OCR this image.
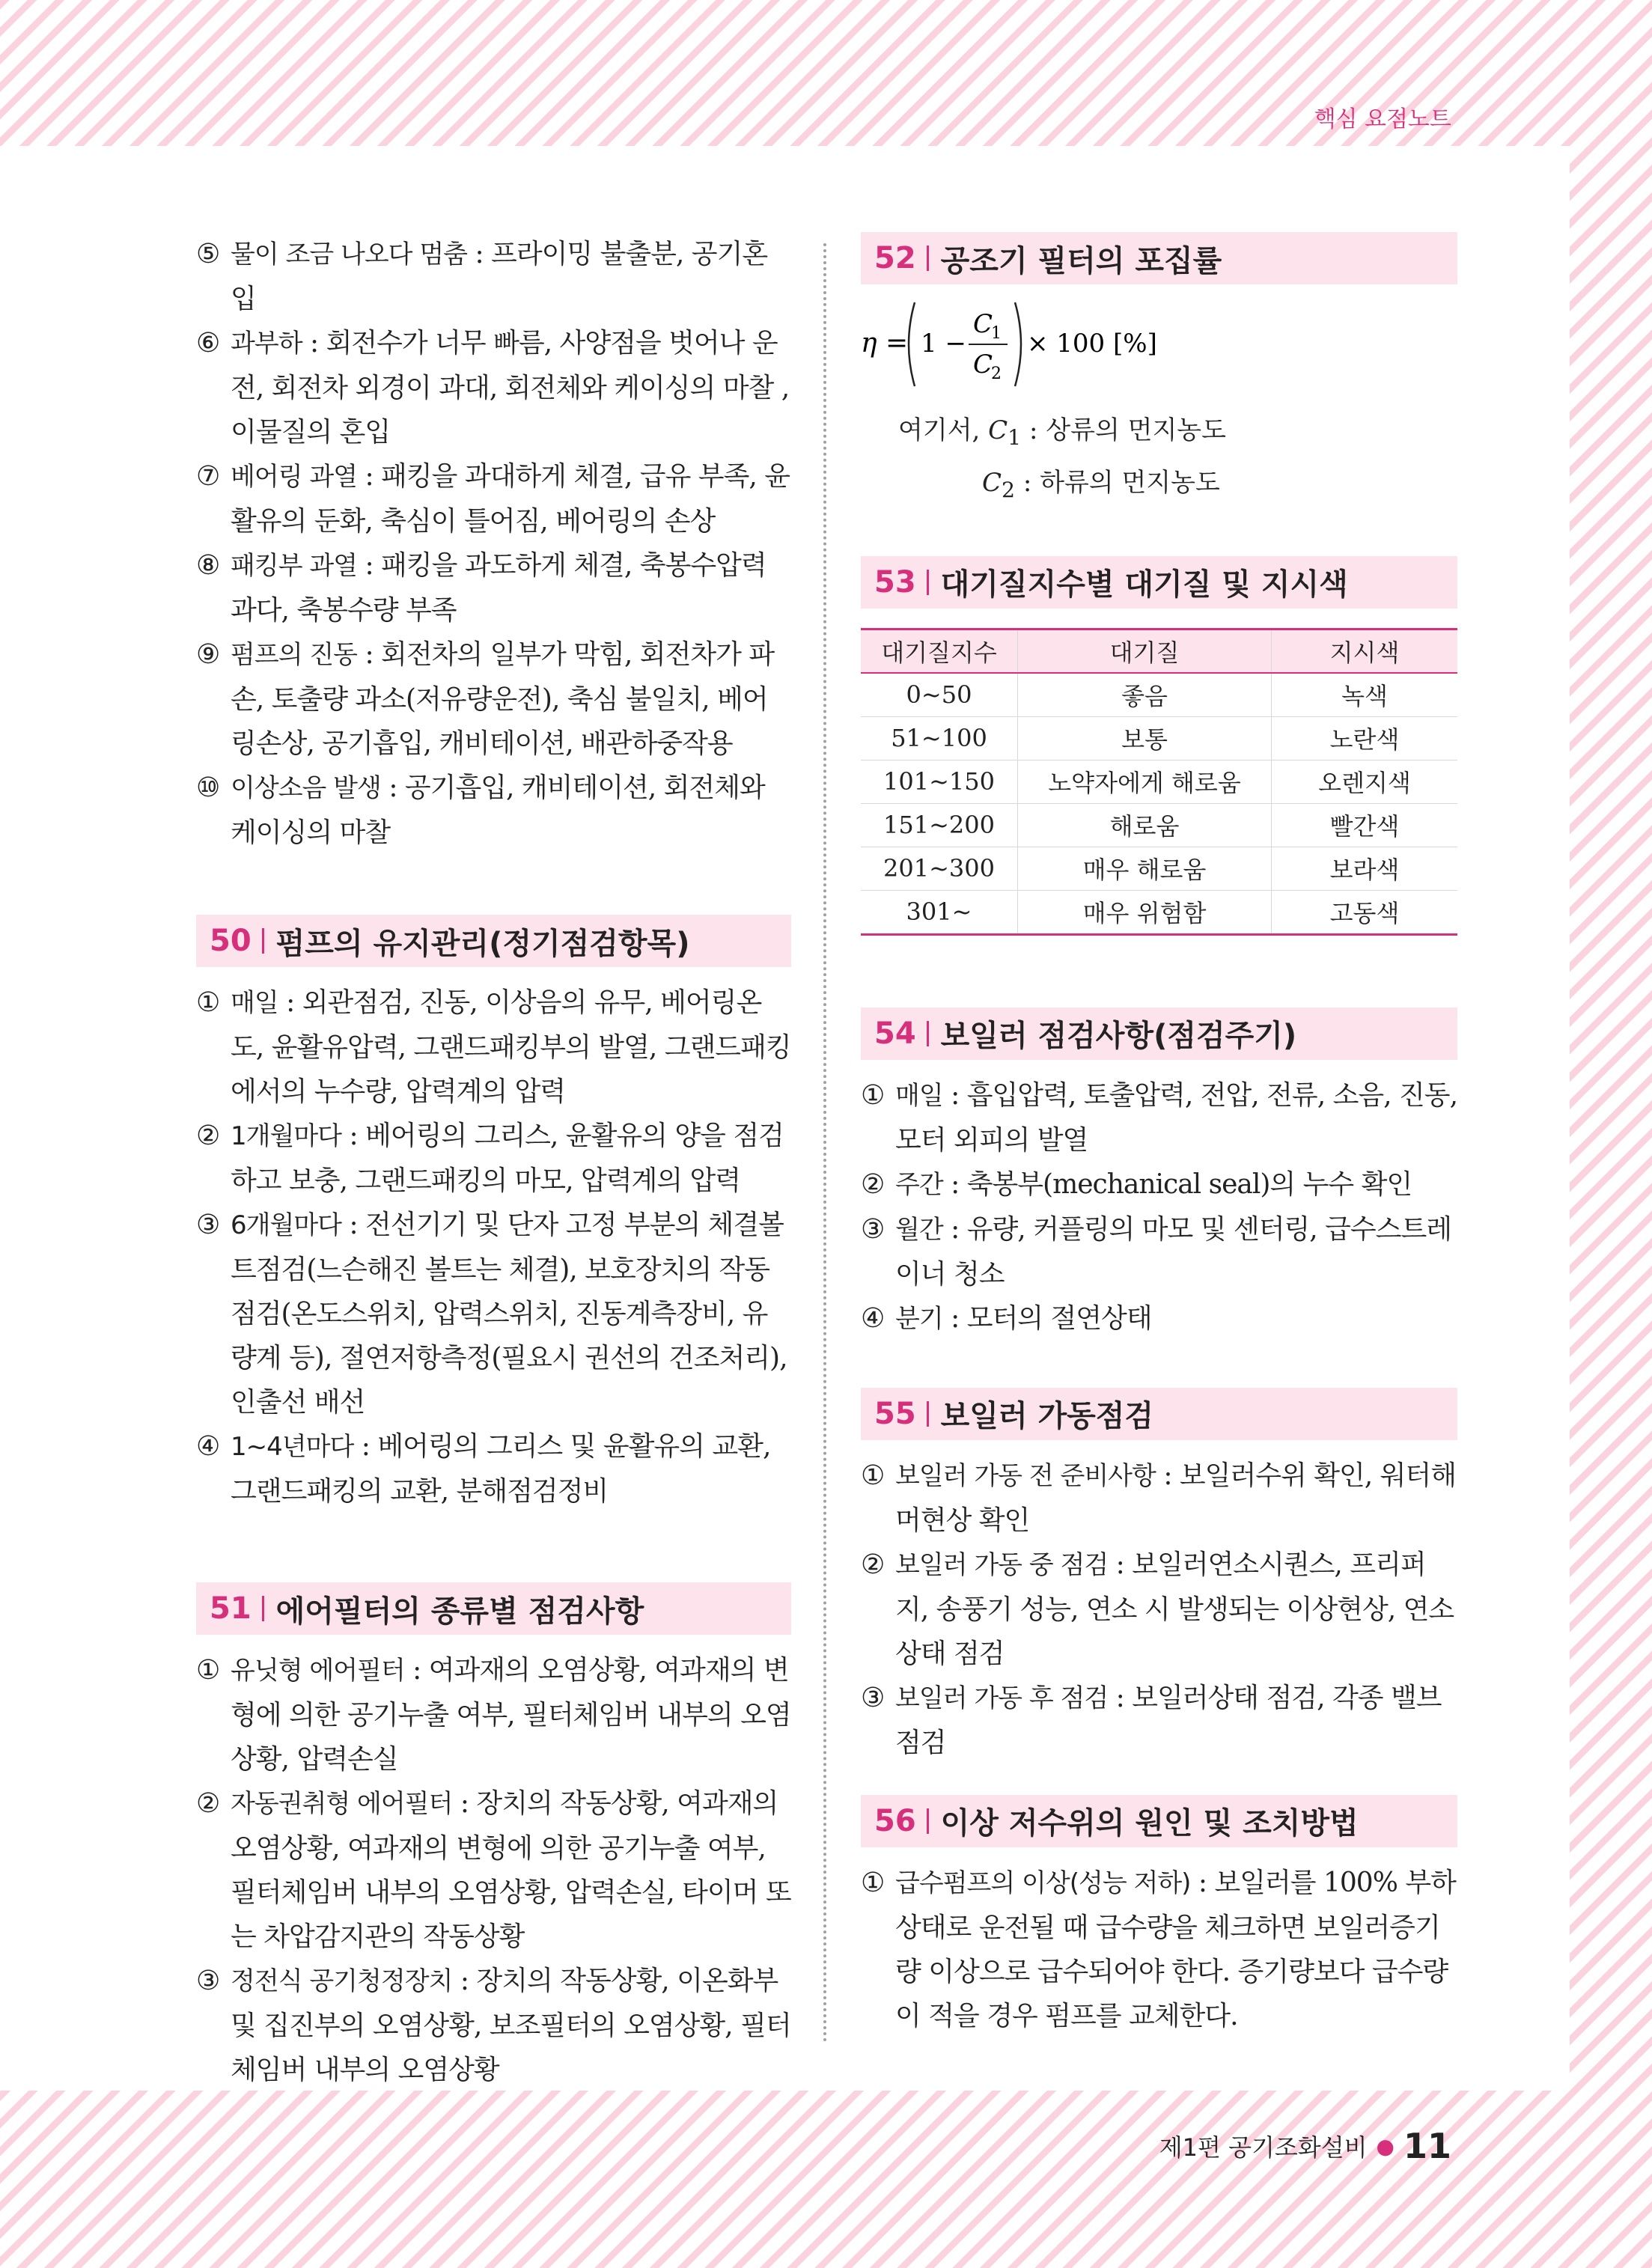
핵심 요점노트
⑤ 물이 조금 나오다 멈춤 : 프라이밍 불출분, 공기혼입
⑥ 과부하 : 회전수가 너무 빠름, 사양점을 벗어나 운전, 회전차 외경이 과대, 회전체와 케이싱의 마찰 , 이물질의 혼입
⑦ 베어링 과열 : 패킹을 과대하게 체결, 급유 부족, 윤활유의 둔화, 축심이 틀어짐, 베어링의 손상
⑧ 패킹부 과열 : 패킹을 과도하게 체결, 축봉수압력 과다, 축봉수량 부족
⑨ 펌프의 진동 : 회전차의 일부가 막힘, 회전차가 파손, 토출량 과소(저유량운전), 축심 불일치, 베어링손상, 공기흡입, 캐비테이션, 배관하중작용
⑩ 이상소음 발생 : 공기흡입, 캐비테이션, 회전체와 케이싱의 마찰
50 펌프의 유지관리(정기점검항목)
① 매일 : 외관점검, 진동, 이상음의 유무, 베어링온도, 윤활유압력, 그랜드패킹부의 발열, 그랜드패킹에서의 누수량, 압력계의 압력
② 1개월마다 : 베어링의 그리스, 윤활유의 양을 점검하고 보충, 그랜드패킹의 마모, 압력계의 압력
③ 6개월마다 : 전선기기 및 단자 고정 부분의 체결볼트점검(느슨해진 볼트는 체결), 보호장치의 작동점검(온도스위치, 압력스위치, 진동계측장비, 유량계 등), 절연저항측정(필요시 권선의 건조처리), 인출선 배선
④ 1~4년마다 : 베어링의 그리스 및 윤활유의 교환, 그랜드패킹의 교환, 분해점검정비
51 에어필터의 종류별 점검사항
① 유닛형 에어필터 : 여과재의 오염상황, 여과재의 변형에 의한 공기누출 여부, 필터체임버 내부의 오염상황, 압력손실
② 자동권취형 에어필터 : 장치의 작동상황, 여과재의 오염상황, 여과재의 변형에 의한 공기누출 여부, 필터체임버 내부의 오염상황, 압력손실, 타이머 또는 차압감지관의 작동상황
③ 정전식 공기청정장치 : 장치의 작동상황, 이온화부 및 집진부의 오염상황, 보조필터의 오염상황, 필터체임버 내부의 오염상황
52 공조기 필터의 포집률
η = 1 −
C
1
C
2
× 100 [%]
여기서, $C_1$ : 상류의 먼지농도
$C_2$ : 하류의 먼지농도
53 대기질지수별 대기질 및 지시색
대기질지수	대기질	지시색
0~50	좋음	녹색
51~100	보통	노란색
101~150	노약자에게 해로움	오렌지색
151~200	해로움	빨간색
201~300	매우 해로움	보라색
301~	매우 위험함	고동색
54 보일러 점검사항(점검주기)
① 매일 : 흡입압력, 토출압력, 전압, 전류, 소음, 진동, 모터 외피의 발열
② 주간 : 축봉부(mechanical seal)의 누수 확인
③ 월간 : 유량, 커플링의 마모 및 센터링, 급수스트레이너 청소
④ 분기 : 모터의 절연상태
55 보일러 가동점검
① 보일러 가동 전 준비사항 : 보일러수위 확인, 워터해머현상 확인
② 보일러 가동 중 점검 : 보일러연소시퀀스, 프리퍼지, 송풍기 성능, 연소 시 발생되는 이상현상, 연소상태 점검
③ 보일러 가동 후 점검 : 보일러상태 점검, 각종 밸브 점검
56 이상 저수위의 원인 및 조치방법
① 급수펌프의 이상(성능 저하) : 보일러를 100% 부하상태로 운전될 때 급수량을 체크하면 보일러증기량 이상으로 급수되어야 한다. 증기량보다 급수량이 적을 경우 펌프를 교체한다.
제1편 공기조화설비 ● 11
